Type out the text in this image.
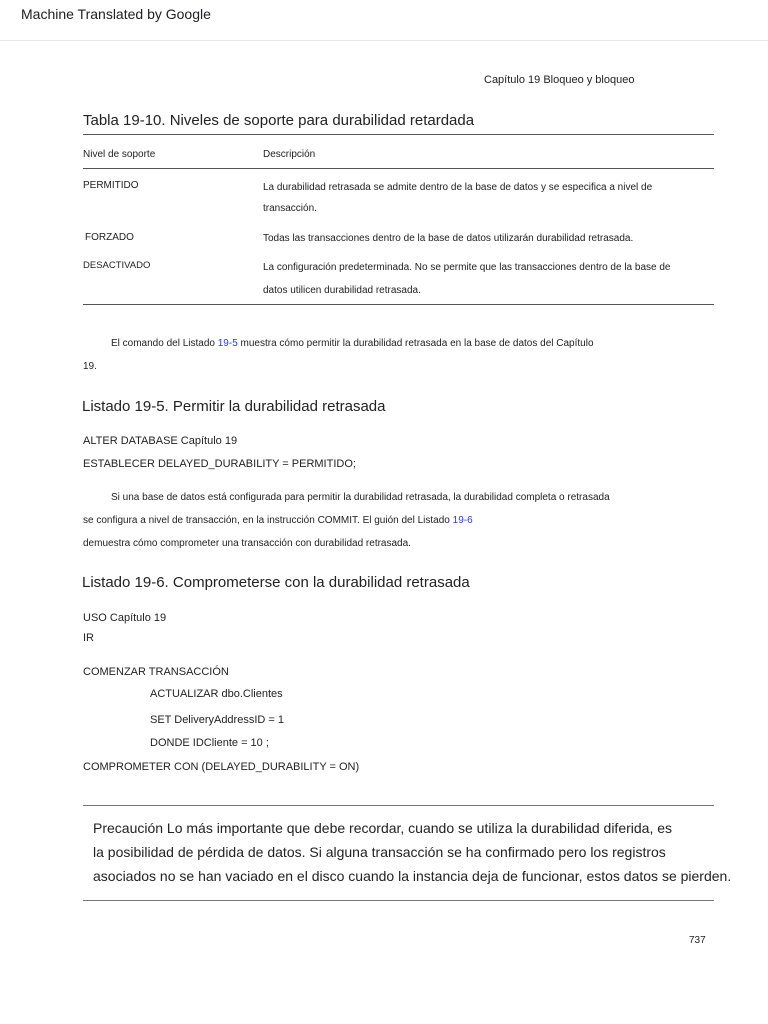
Machine Translated by Google
Capítulo 19 Bloqueo y bloqueo
Tabla 19-10. Niveles de soporte para durabilidad retardada
Nivel de soporte	Descripción
PERMITIDO	La durabilidad retrasada se admite dentro de la base de datos y se especifica a nivel de
transacción.
FORZADO	Todas las transacciones dentro de la base de datos utilizarán durabilidad retrasada.
DESACTIVADO	La configuración predeterminada. No se permite que las transacciones dentro de la base de
datos utilicen durabilidad retrasada.
El comando del Listado 19-5 muestra cómo permitir la durabilidad retrasada en la base de datos del Capítulo
19.
Listado 19-5. Permitir la durabilidad retrasada
ALTER DATABASE Capítulo 19
ESTABLECER DELAYED_DURABILITY = PERMITIDO;
Si una base de datos está configurada para permitir la durabilidad retrasada, la durabilidad completa o retrasada
se configura a nivel de transacción, en la instrucción COMMIT. El guión del Listado 19-6
demuestra cómo comprometer una transacción con durabilidad retrasada.
Listado 19-6. Comprometerse con la durabilidad retrasada
USO Capítulo 19
IR
COMENZAR TRANSACCIÓN
ACTUALIZAR dbo.Clientes
SET DeliveryAddressID = 1
DONDE IDCliente = 10 ;
COMPROMETER CON (DELAYED_DURABILITY = ON)
Precaución Lo más importante que debe recordar, cuando se utiliza la durabilidad diferida, es
la posibilidad de pérdida de datos. Si alguna transacción se ha confirmado pero los registros
asociados no se han vaciado en el disco cuando la instancia deja de funcionar, estos datos se pierden.
737
